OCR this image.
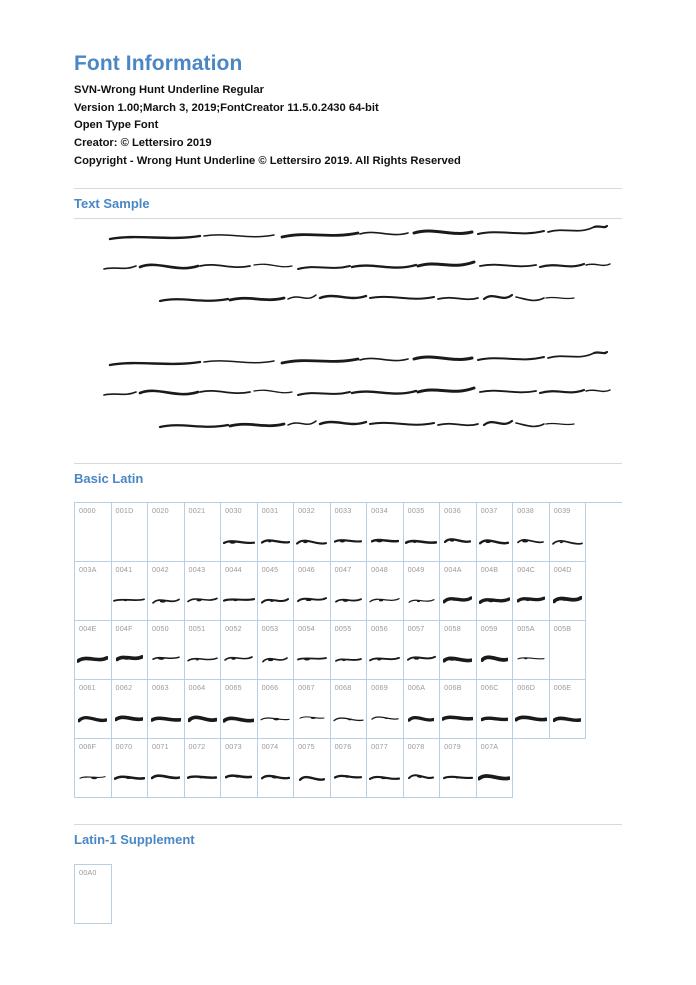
Font Information
SVN-Wrong Hunt Underline Regular
Version 1.00;March 3, 2019;FontCreator 11.5.0.2430 64-bit
Open Type Font
Creator: © Lettersiro 2019
Copyright - Wrong Hunt Underline © Lettersiro 2019. All Rights Reserved
Text Sample
Basic Latin
0000	001D	0020	0021	0030	0031	0032	0033	0034	0035	0036	0037	0038	0039
003A	0041	0042	0043	0044	0045	0046	0047	0048	0049	004A	004B	004C	004D
004E	004F	0050	0051	0052	0053	0054	0055	0056	0057	0058	0059	005A	005B
0061	0062	0063	0064	0065	0066	0067	0068	0069	006A	006B	006C	006D	006E
006F	0070	0071	0072	0073	0074	0075	0076	0077	0078	0079	007A
Latin-1 Supplement
00A0
